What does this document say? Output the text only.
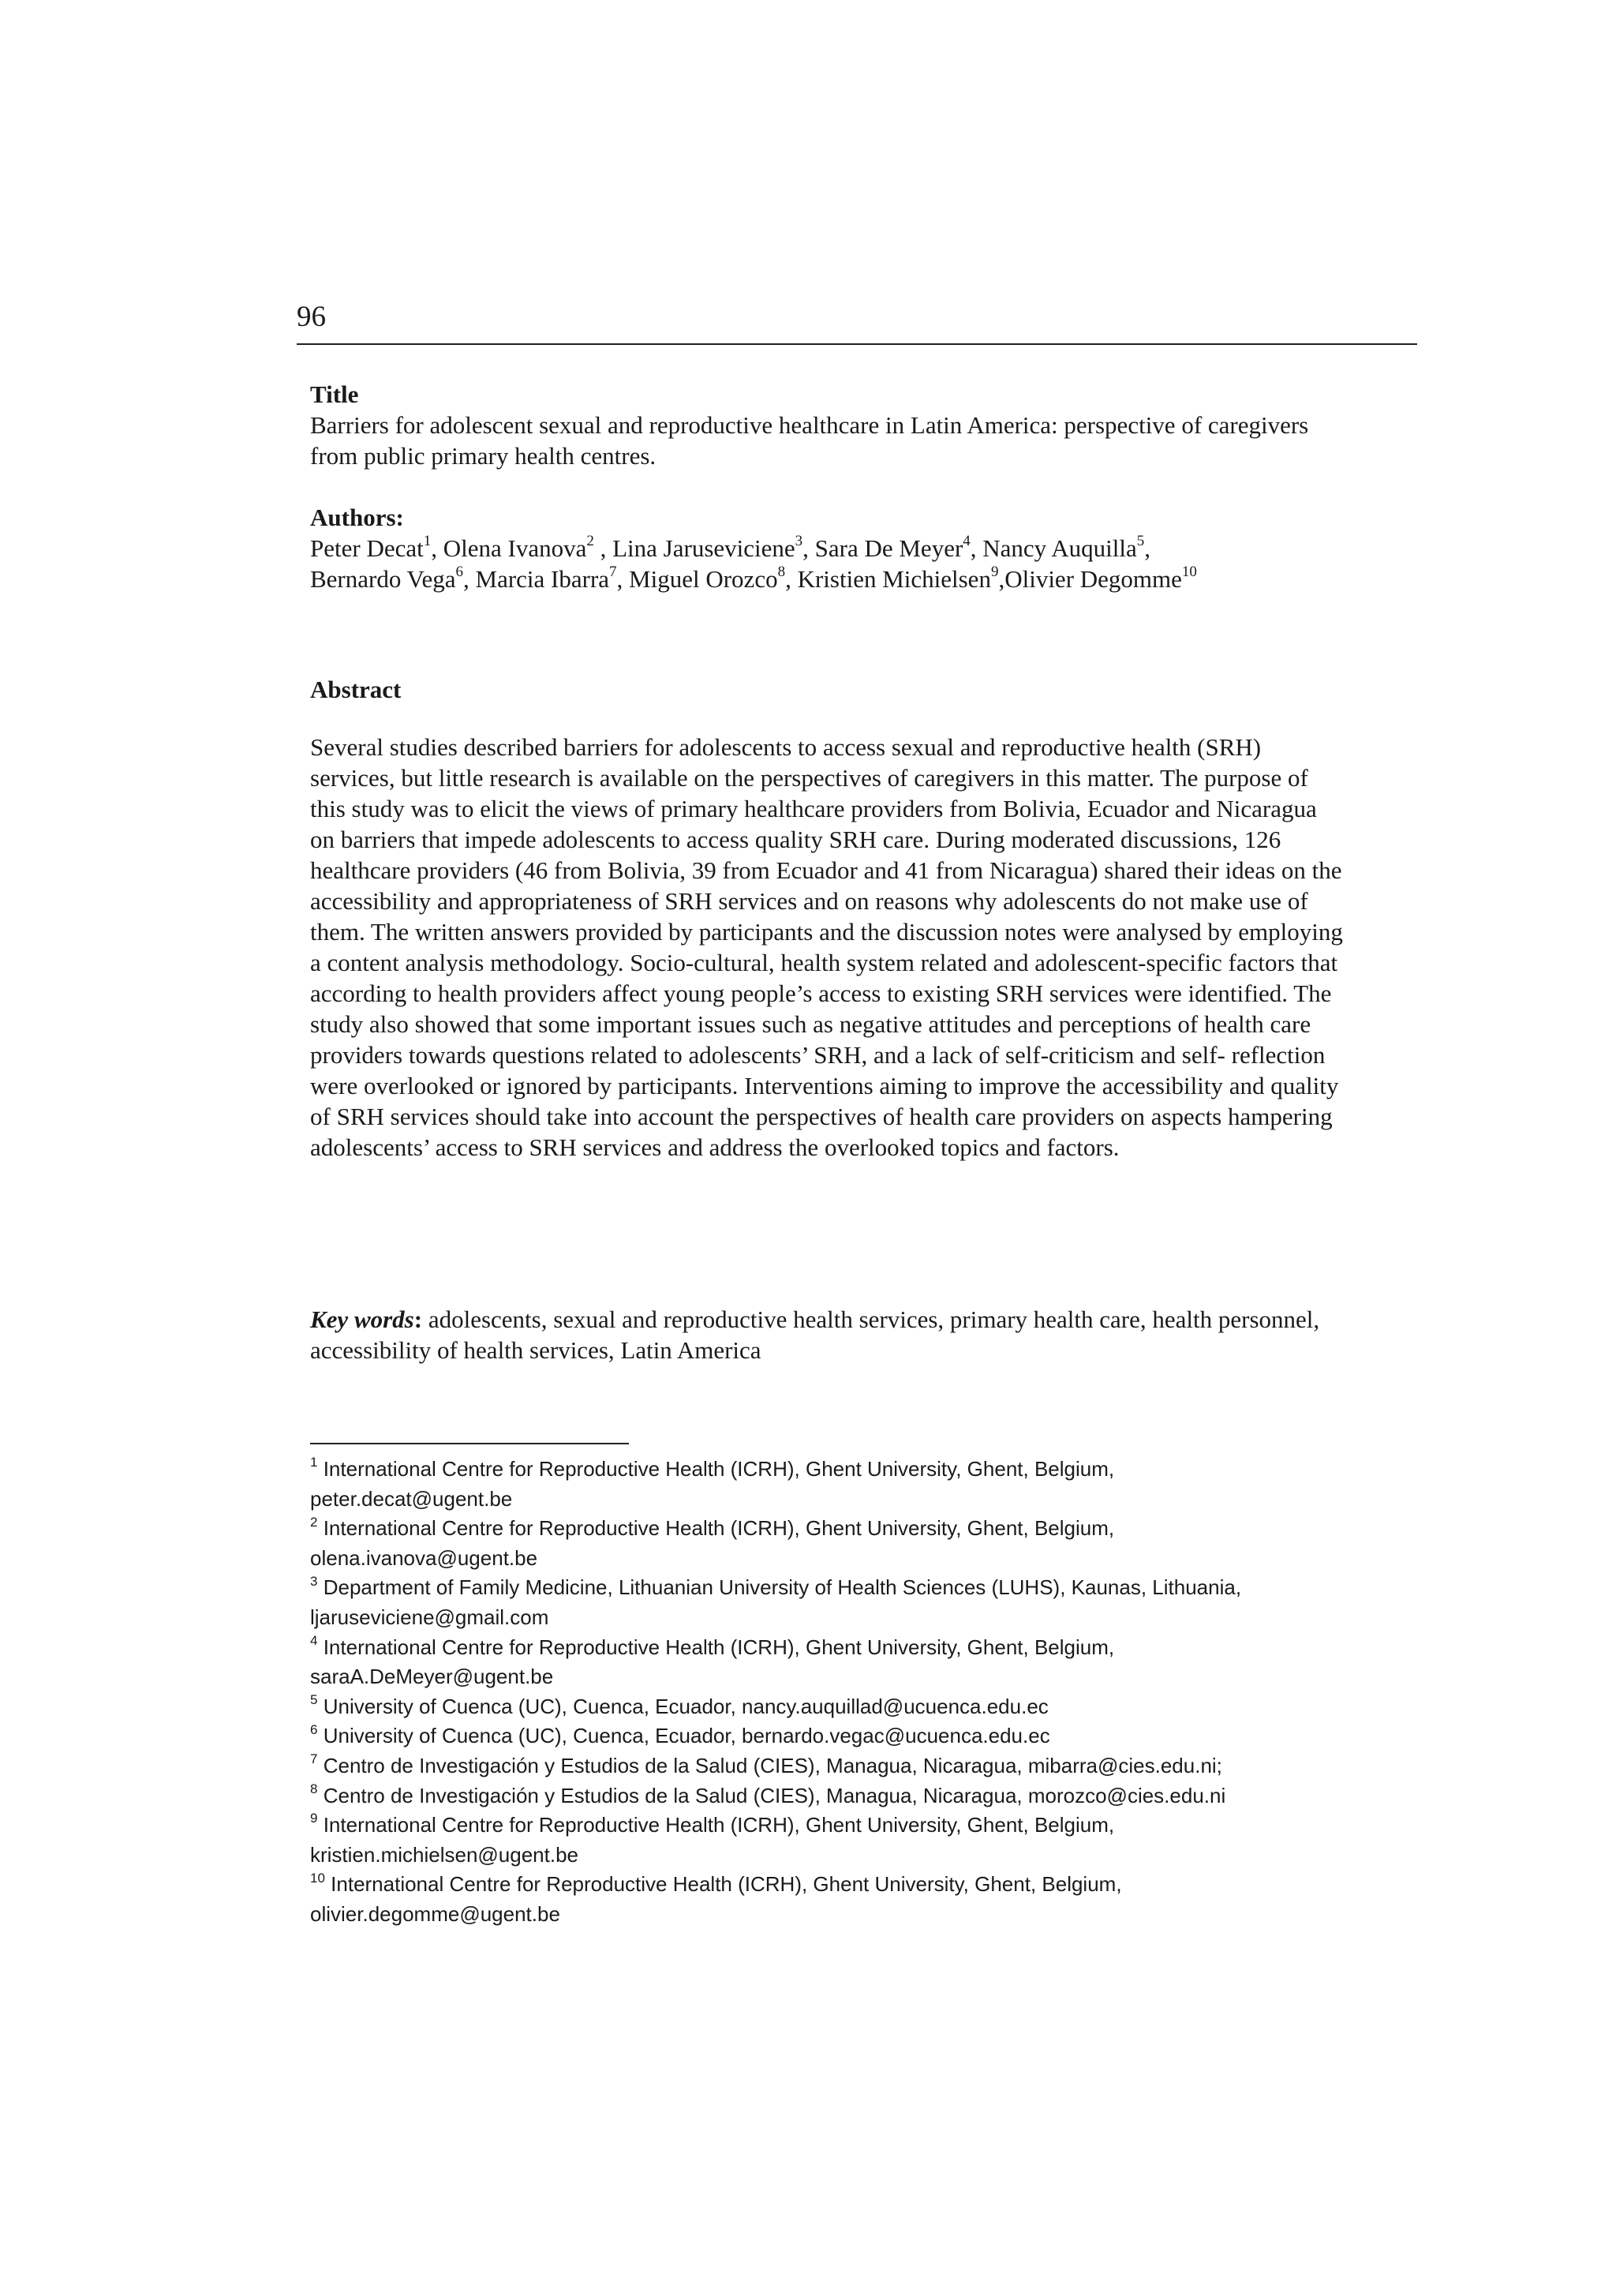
96
Title
Barriers for adolescent sexual and reproductive healthcare in Latin America: perspective of caregivers from public primary health centres.
Authors:
Peter Decat$^1$, Olena Ivanova$^2$ , Lina Jaruseviciene$^3$, Sara De Meyer$^4$, Nancy Auquilla$^5$,
Bernardo Vega$^6$, Marcia Ibarra$^7$, Miguel Orozco$^8$, Kristien Michielsen$^9$,Olivier Degomme$^{10}$
Abstract

Several studies described barriers for adolescents to access sexual and reproductive health (SRH) services, but little research is available on the perspectives of caregivers in this matter. The purpose of this study was to elicit the views of primary healthcare providers from Bolivia, Ecuador and Nicaragua on barriers that impede adolescents to access quality SRH care. During moderated discussions, 126 healthcare providers (46 from Bolivia, 39 from Ecuador and 41 from Nicaragua) shared their ideas on the accessibility and appropriateness of SRH services and on reasons why adolescents do not make use of them. The written answers provided by participants and the discussion notes were analysed by employing a content analysis methodology. Socio-cultural, health system related and adolescent-specific factors that according to health providers affect young people’s access to existing SRH services were identified. The study also showed that some important issues such as negative attitudes and perceptions of health care providers towards questions related to adolescents’ SRH, and a lack of self-criticism and self- reflection were overlooked or ignored by participants. Interventions aiming to improve the accessibility and quality of SRH services should take into account the perspectives of health care providers on aspects hampering adolescents’ access to SRH services and address the overlooked topics and factors.

Key words: adolescents, sexual and reproductive health services, primary health care, health personnel, accessibility of health services, Latin America

$^1$ International Centre for Reproductive Health (ICRH), Ghent University, Ghent, Belgium,
peter.decat@ugent.be

$^2$ International Centre for Reproductive Health (ICRH), Ghent University, Ghent, Belgium,
olena.ivanova@ugent.be

$^3$ Department of Family Medicine, Lithuanian University of Health Sciences (LUHS), Kaunas, Lithuania,
ljaruseviciene@gmail.com

$^4$ International Centre for Reproductive Health (ICRH), Ghent University, Ghent, Belgium,
saraA.DeMeyer@ugent.be

$^5$ University of Cuenca (UC), Cuenca, Ecuador, nancy.auquillad@ucuenca.edu.ec

$^6$ University of Cuenca (UC), Cuenca, Ecuador, bernardo.vegac@ucuenca.edu.ec

$^7$ Centro de Investigación y Estudios de la Salud (CIES), Managua, Nicaragua, mibarra@cies.edu.ni;

$^8$ Centro de Investigación y Estudios de la Salud (CIES), Managua, Nicaragua, morozco@cies.edu.ni

$^9$ International Centre for Reproductive Health (ICRH), Ghent University, Ghent, Belgium,
kristien.michielsen@ugent.be

$^{10}$ International Centre for Reproductive Health (ICRH), Ghent University, Ghent, Belgium,
olivier.degomme@ugent.be
